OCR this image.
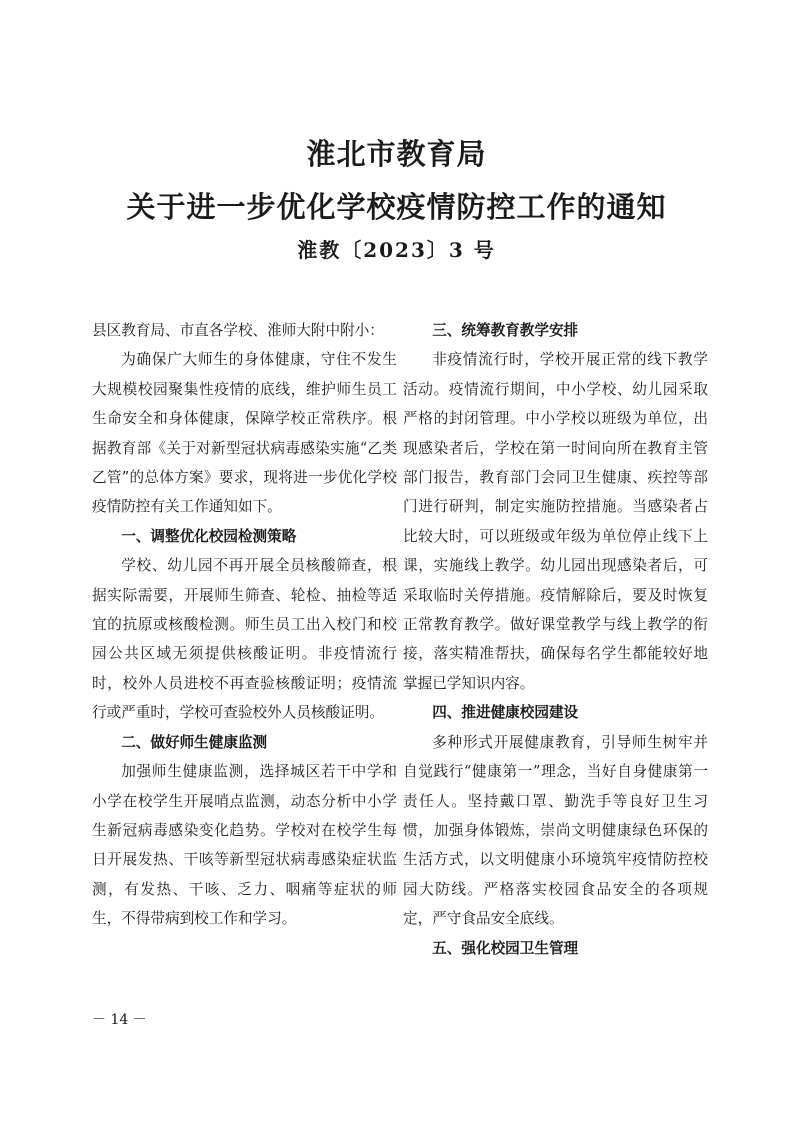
淮北市教育局
关于进一步优化学校疫情防控工作的通知
淮教〔2023〕3 号

县区教育局、市直各学校、淮师大附中附小：

为确保广大师生的身体健康，守住不发生大规模校园聚集性疫情的底线，维护师生员工生命安全和身体健康，保障学校正常秩序。根据教育部《关于对新型冠状病毒感染实施“乙类乙管”的总体方案》要求，现将进一步优化学校疫情防控有关工作通知如下。

一、调整优化校园检测策略

学校、幼儿园不再开展全员核酸筛查，根据实际需要，开展师生筛查、轮检、抽检等适宜的抗原或核酸检测。师生员工出入校门和校园公共区域无须提供核酸证明。非疫情流行时，校外人员进校不再查验核酸证明；疫情流行或严重时，学校可查验校外人员核酸证明。

二、做好师生健康监测

加强师生健康监测，选择城区若干中学和小学在校学生开展哨点监测，动态分析中小学生新冠病毒感染变化趋势。学校对在校学生每日开展发热、干咳等新型冠状病毒感染症状监测，有发热、干咳、乏力、咽痛等症状的师生，不得带病到校工作和学习。

三、统筹教育教学安排

非疫情流行时，学校开展正常的线下教学活动。疫情流行期间，中小学校、幼儿园采取严格的封闭管理。中小学校以班级为单位，出现感染者后，学校在第一时间向所在教育主管部门报告，教育部门会同卫生健康、疾控等部门进行研判，制定实施防控措施。当感染者占比较大时，可以班级或年级为单位停止线下上课，实施线上教学。幼儿园出现感染者后，可采取临时关停措施。疫情解除后，要及时恢复正常教育教学。做好课堂教学与线上教学的衔接，落实精准帮扶，确保每名学生都能较好地掌握已学知识内容。

四、推进健康校园建设

多种形式开展健康教育，引导师生树牢并自觉践行“健康第一”理念，当好自身健康第一责任人。坚持戴口罩、勤洗手等良好卫生习惯，加强身体锻炼，崇尚文明健康绿色环保的生活方式，以文明健康小环境筑牢疫情防控校园大防线。严格落实校园食品安全的各项规定，严守食品安全底线。

五、强化校园卫生管理
－ 14 －
